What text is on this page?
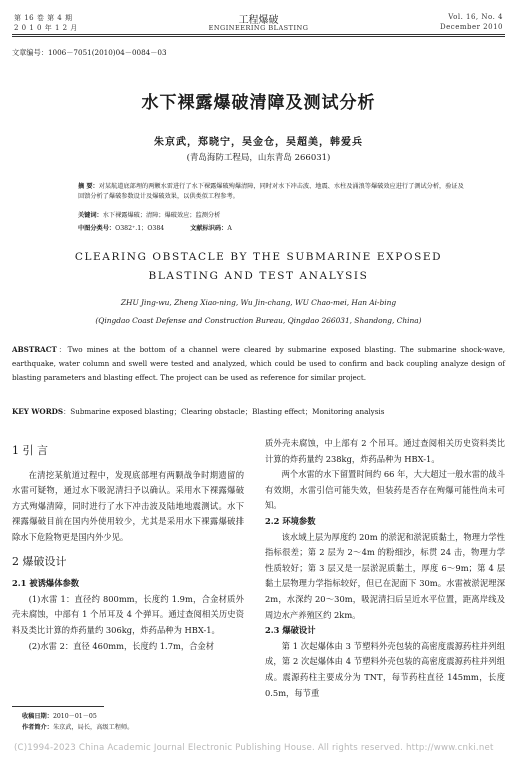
第 16 卷 第 4 期
2 0 1 0 年 1 2 月
工程爆破
ENGINEERING BLASTING
Vol. 16, No. 4
December 2010
文章编号：1006－7051(2010)04－0084－03
水下裸露爆破清障及测试分析
朱京武，郑晓宁，吴金仓，吴超美，韩爱兵
(青岛海防工程局，山东青岛 266031)
摘 要：对某航道底部埋的两颗水雷进行了水下裸露爆破殉爆清障，同时对水下冲击波、地震、水柱及涌浪等爆破效应进行了测试分析，验证及回馈分析了爆破参数设计及爆破效果，以供类似工程参考。
关键词：水下裸露爆破；清障；爆破效应；监测分析
中图分类号：O382⁺.1；O384	文献标识码：A
CLEARING OBSTACLE BY THE SUBMARINE EXPOSED
BLASTING AND TEST ANALYSIS
ZHU Jing-wu, Zheng Xiao-ning, Wu Jin-chang, WU Chao-mei, Han Ai-bing
(Qingdao Coast Defense and Construction Bureau, Qingdao 266031, Shandong, China)
ABSTRACT：Two mines at the bottom of a channel were cleared by submarine exposed blasting. The submarine shock-wave, earthquake, water column and swell were tested and analyzed, which could be used to confirm and back coupling analyze design of blasting parameters and blasting effect. The project can be used as reference for similar project.
KEY WORDS：Submarine exposed blasting；Clearing obstacle；Blasting effect；Monitoring analysis
1 引 言

在清挖某航道过程中，发现底部埋有两颗战争时期遗留的水雷可疑物，通过水下吸泥清扫予以确认。采用水下裸露爆破方式殉爆清障，同时进行了水下冲击波及陆地地震测试。水下裸露爆破目前在国内外使用较少，尤其是采用水下裸露爆破排除水下危险物更是国内外少见。

2 爆破设计
2.1 被诱爆体参数

(1)水雷 1：直径约 800mm，长度约 1.9m，合金材质外壳未腐蚀，中部有 1 个吊耳及 4 个弹耳。通过查阅相关历史资料及类比计算的炸药量约 306kg，炸药品种为 HBX-1。

(2)水雷 2：直径 460mm，长度约 1.7m，合金材

收稿日期：2010－01－05
作者简介：朱京武，局长，高级工程师。

质外壳未腐蚀，中上部有 2 个吊耳。通过查阅相关历史资料类比计算的炸药量约 238kg，炸药品种为 HBX-1。

两个水雷的水下留置时间约 66 年，大大超过一般水雷的战斗有效期，水雷引信可能失效，但装药是否存在殉爆可能性尚未可知。

2.2 环境参数

该水域上层为厚度约 20m 的淤泥和淤泥质黏土，物理力学性指标很差；第 2 层为 2～4m 的粉细沙，标贯 24 击，物理力学性质较好；第 3 层又是一层淤泥质黏土，厚度 6～9m；第 4 层黏土层物理力学指标较好，但已在泥面下 30m。水雷被淤泥埋深 2m，水深约 20～30m，吸泥清扫后呈近水平位置，距离岸线及周边水产养殖区约 2km。

2.3 爆破设计

第 1 次起爆体由 3 节塑料外壳包装的高密度震源药柱并列组成，第 2 次起爆体由 4 节塑料外壳包装的高密度震源药柱并列组成。震源药柱主要成分为 TNT，每节药柱直径 145mm，长度 0.5m，每节重

(C)1994-2023 China Academic Journal Electronic Publishing House. All rights reserved. http://www.cnki.net
